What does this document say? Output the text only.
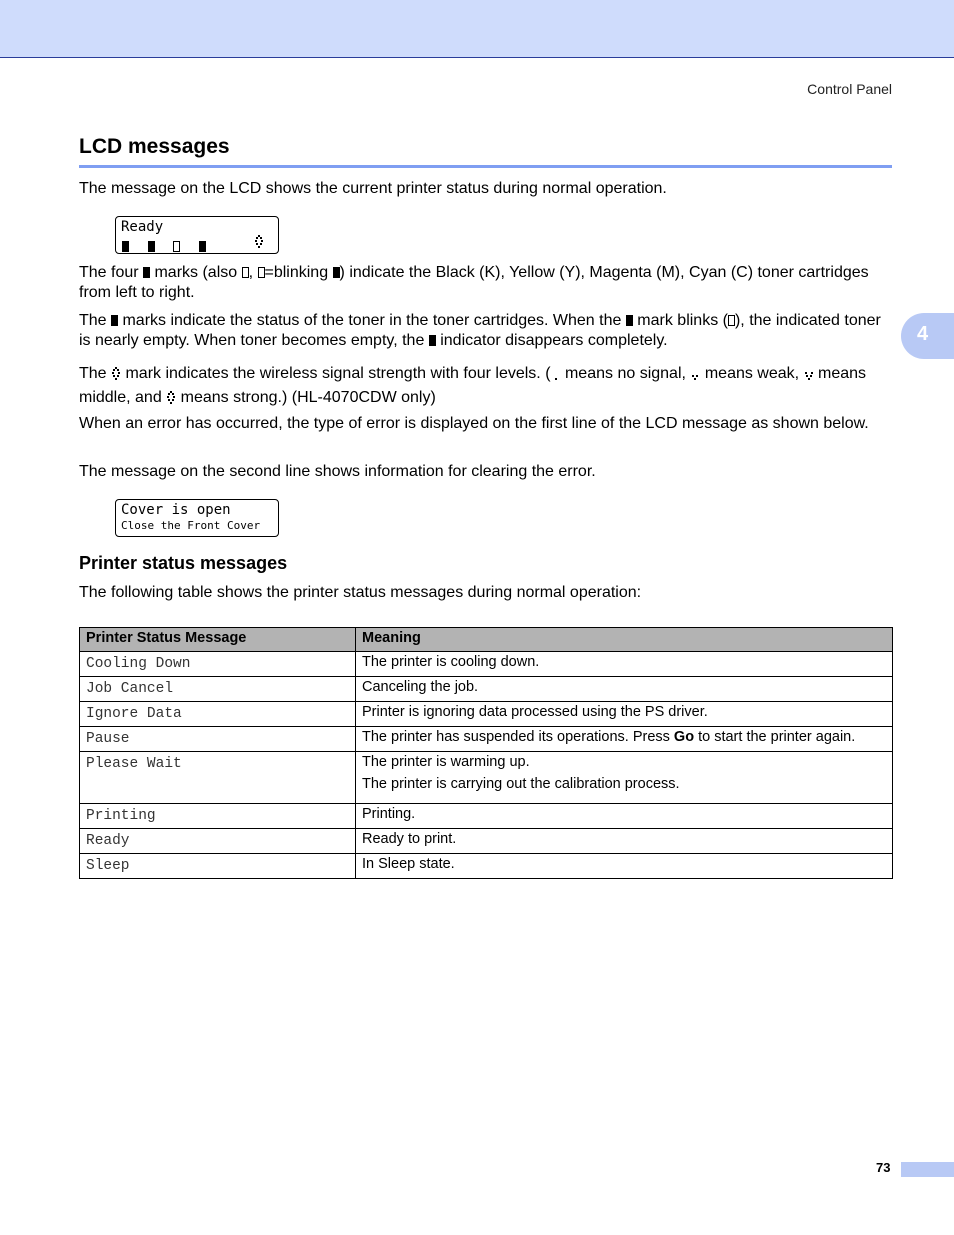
Control Panel
4
LCD messages

The message on the LCD shows the current printer status during normal operation.

Ready

The four  marks (also , =blinking ) indicate the Black (K), Yellow (Y), Magenta (M), Cyan (C) toner cartridges from left to right.

The  marks indicate the status of the toner in the toner cartridges. When the  mark blinks ( ), the indicated toner is nearly empty. When toner becomes empty, the  indicator disappears completely.

The  mark indicates the wireless signal strength with four levels. ( means no signal,  means weak,  means middle, and  means strong.) (HL-4070CDW only)

When an error has occurred, the type of error is displayed on the first line of the LCD message as shown below.

The message on the second line shows information for clearing the error.

Cover is open
Close the Front Cover
Printer status messages

The following table shows the printer status messages during normal operation:

Printer Status Message	Meaning
Cooling Down	The printer is cooling down.
Job Cancel	Canceling the job.
Ignore Data	Printer is ignoring data processed using the PS driver.
Pause	The printer has suspended its operations. Press Go to start the printer again.
Please Wait	The printer is warming up.
The printer is carrying out the calibration process.

Printing	Printing.
Ready	Ready to print.
Sleep	In Sleep state.
73
